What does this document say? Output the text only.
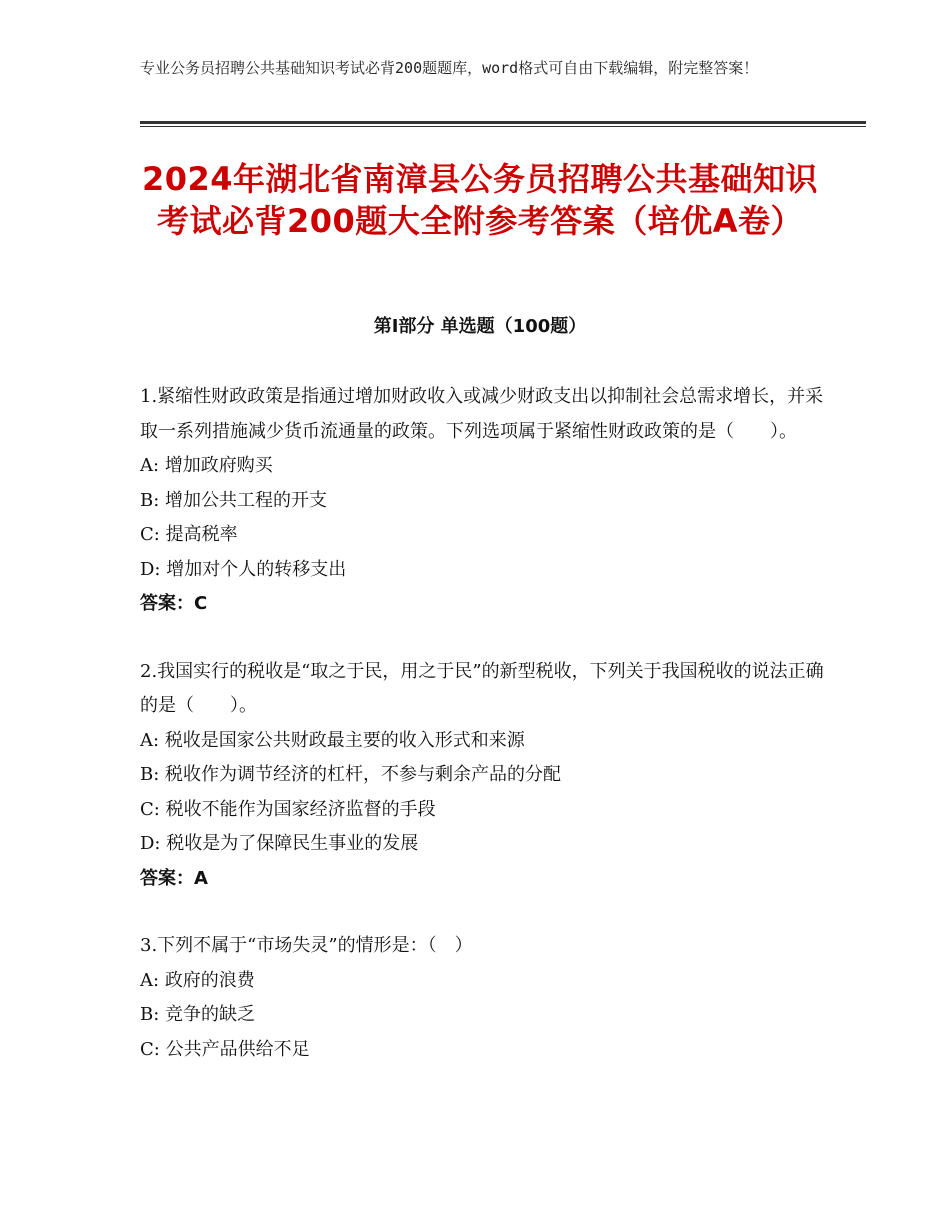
专业公务员招聘公共基础知识考试必背200题题库，word格式可自由下载编辑，附完整答案！
2024年湖北省南漳县公务员招聘公共基础知识考试必背200题大全附参考答案（培优A卷）
第Ⅰ部分 单选题（100题）
1.紧缩性财政政策是指通过增加财政收入或减少财政支出以抑制社会总需求增长，并采取一系列措施减少货币流通量的政策。下列选项属于紧缩性财政政策的是（　　）。
A: 增加政府购买
B: 增加公共工程的开支
C: 提高税率
D: 增加对个人的转移支出
答案：C
2.我国实行的税收是“取之于民，用之于民”的新型税收，下列关于我国税收的说法正确的是（　　）。
A: 税收是国家公共财政最主要的收入形式和来源
B: 税收作为调节经济的杠杆，不参与剩余产品的分配
C: 税收不能作为国家经济监督的手段
D: 税收是为了保障民生事业的发展
答案：A
3.下列不属于“市场失灵”的情形是：（　）
A: 政府的浪费
B: 竞争的缺乏
C: 公共产品供给不足
